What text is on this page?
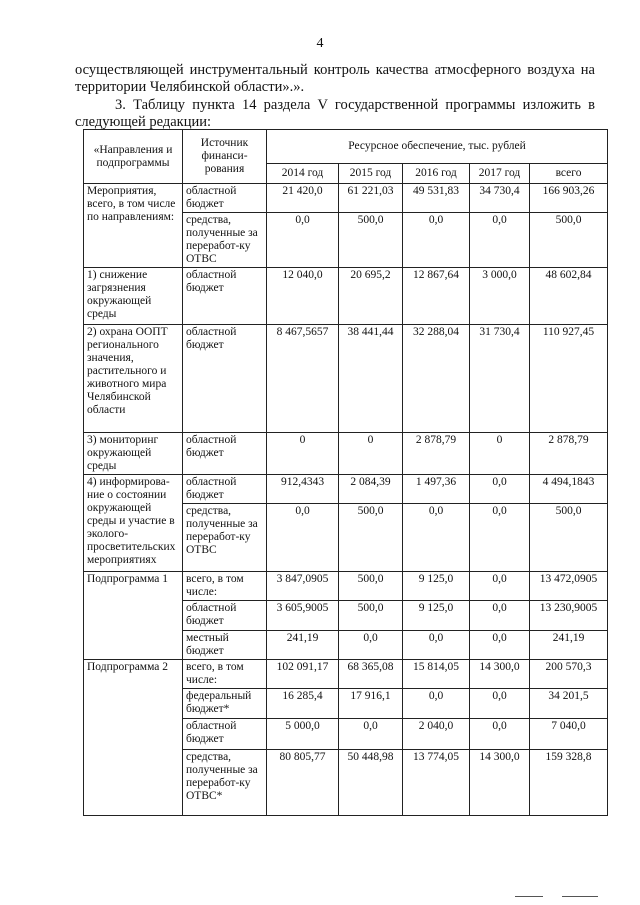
4
осуществляющей инструментальный контроль качества атмосферного воздуха на территории Челябинской области».».
3. Таблицу пункта 14 раздела V государственной программы изложить в следующей редакции:
«Направления и подпрограммы	Источник финанси-рования	Ресурсное обеспечение, тыс. рублей				
		2014 год	2015 год	2016 год	2017 год	всего
Мероприятия, всего, в том числе по направлениям:	областной бюджет	21 420,0	61 221,03	49 531,83	34 730,4	166 903,26
	средства, полученные за переработ-ку ОТВС	0,0	500,0	0,0	0,0	500,0
1) снижение загрязнения окружающей среды	областной бюджет	12 040,0	20 695,2	12 867,64	3 000,0	48 602,84
2) охрана ООПТ регионального значения, растительного и животного мира Челябинской области	областной бюджет	8 467,5657	38 441,44	32 288,04	31 730,4	110 927,45
3) мониторинг окружающей среды	областной бюджет	0	0	2 878,79	0	2 878,79
4) информирова-ние о состоянии окружающей среды и участие в эколого-просветительских мероприятиях	областной бюджет	912,4343	2 084,39	1 497,36	0,0	4 494,1843
	средства, полученные за переработ-ку ОТВС	0,0	500,0	0,0	0,0	500,0
Подпрограмма 1	всего, в том числе:	3 847,0905	500,0	9 125,0	0,0	13 472,0905
	областной бюджет	3 605,9005	500,0	9 125,0	0,0	13 230,9005
	местный бюджет	241,19	0,0	0,0	0,0	241,19
Подпрограмма 2	всего, в том числе:	102 091,17	68 365,08	15 814,05	14 300,0	200 570,3
	федеральный бюджет*	16 285,4	17 916,1	0,0	0,0	34 201,5
	областной бюджет	5 000,0	0,0	2 040,0	0,0	7 040,0
	средства, полученные за переработ-ку ОТВС*	80 805,77	50 448,98	13 774,05	14 300,0	159 328,8
